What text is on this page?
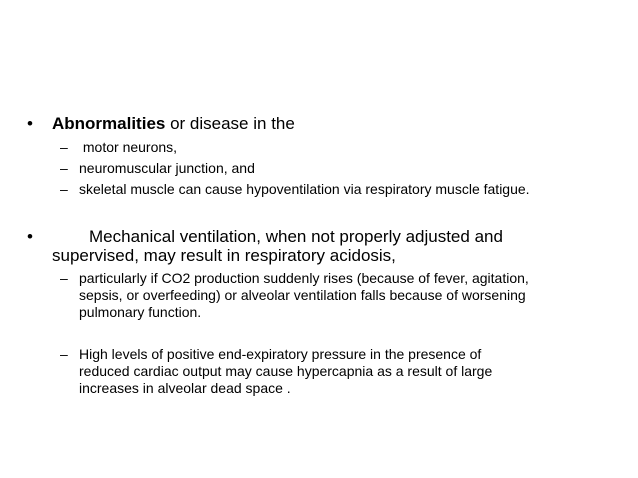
• Abnormalities or disease in the
– motor neurons,
– neuromuscular junction, and
– skeletal muscle can cause hypoventilation via respiratory muscle fatigue.
•	Mechanical ventilation, when not properly adjusted and
supervised, may result in respiratory acidosis,
– particularly if CO2 production suddenly rises (because of fever, agitation,
sepsis, or overfeeding) or alveolar ventilation falls because of worsening
pulmonary function.
– High levels of positive end-expiratory pressure in the presence of
reduced cardiac output may cause hypercapnia as a result of large
increases in alveolar dead space .
